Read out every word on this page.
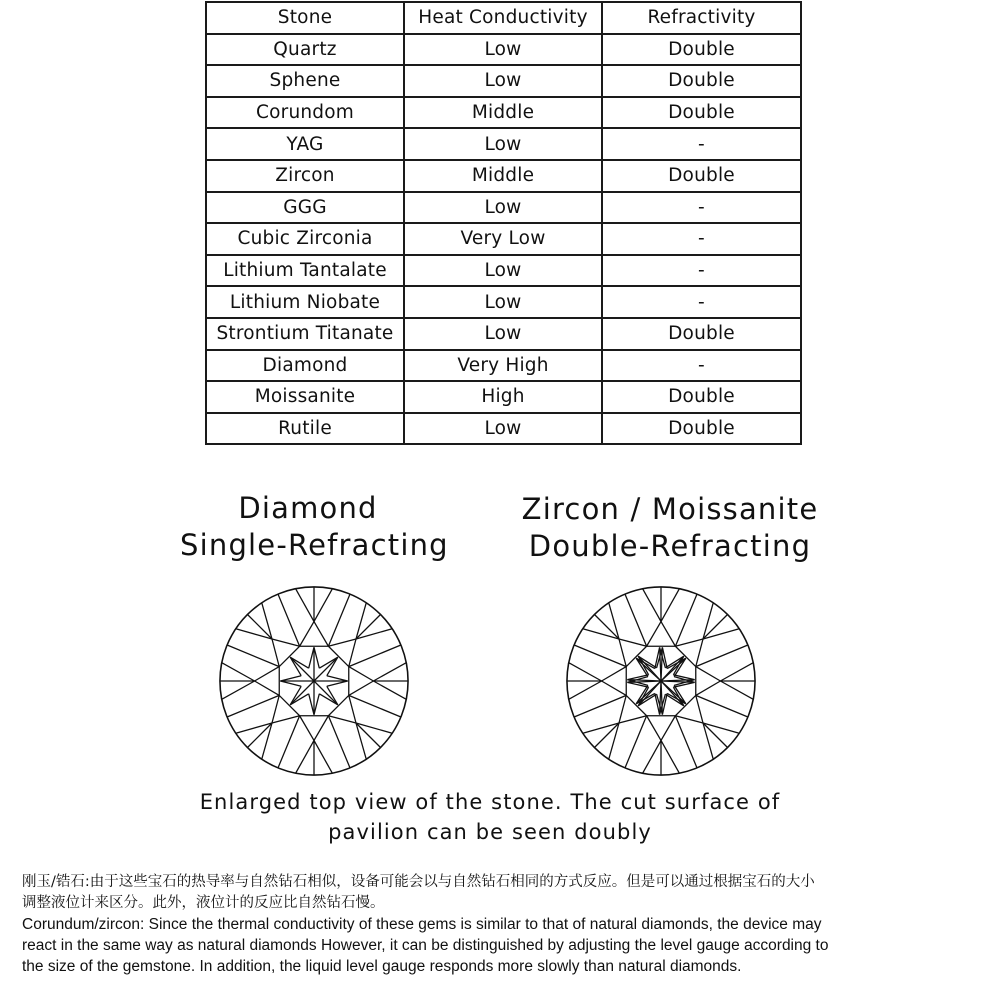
Stone	Heat Conductivity	Refractivity
Quartz	Low	Double
Sphene	Low	Double
Corundom	Middle	Double
YAG	Low	-
Zircon	Middle	Double
GGG	Low	-
Cubic Zirconia	Very Low	-
Lithium Tantalate	Low	-
Lithium Niobate	Low	-
Strontium Titanate	Low	Double
Diamond	Very High	-
Moissanite	High	Double
Rutile	Low	Double
Diamond
Single-Refracting
Zircon / Moissanite
Double-Refracting
Enlarged top view of the stone. The cut surface of
pavilion can be seen doubly
刚玉/锆石:由于这些宝石的热导率与自然钻石相似，设备可能会以与自然钻石相同的方式反应。但是可以通过根据宝石的大小
调整液位计来区分。此外，液位计的反应比自然钻石慢。
Corundum/zircon: Since the thermal conductivity of these gems is similar to that of natural diamonds, the device may
react in the same way as natural diamonds However, it can be distinguished by adjusting the level gauge according to
the size of the gemstone. In addition, the liquid level gauge responds more slowly than natural diamonds.
